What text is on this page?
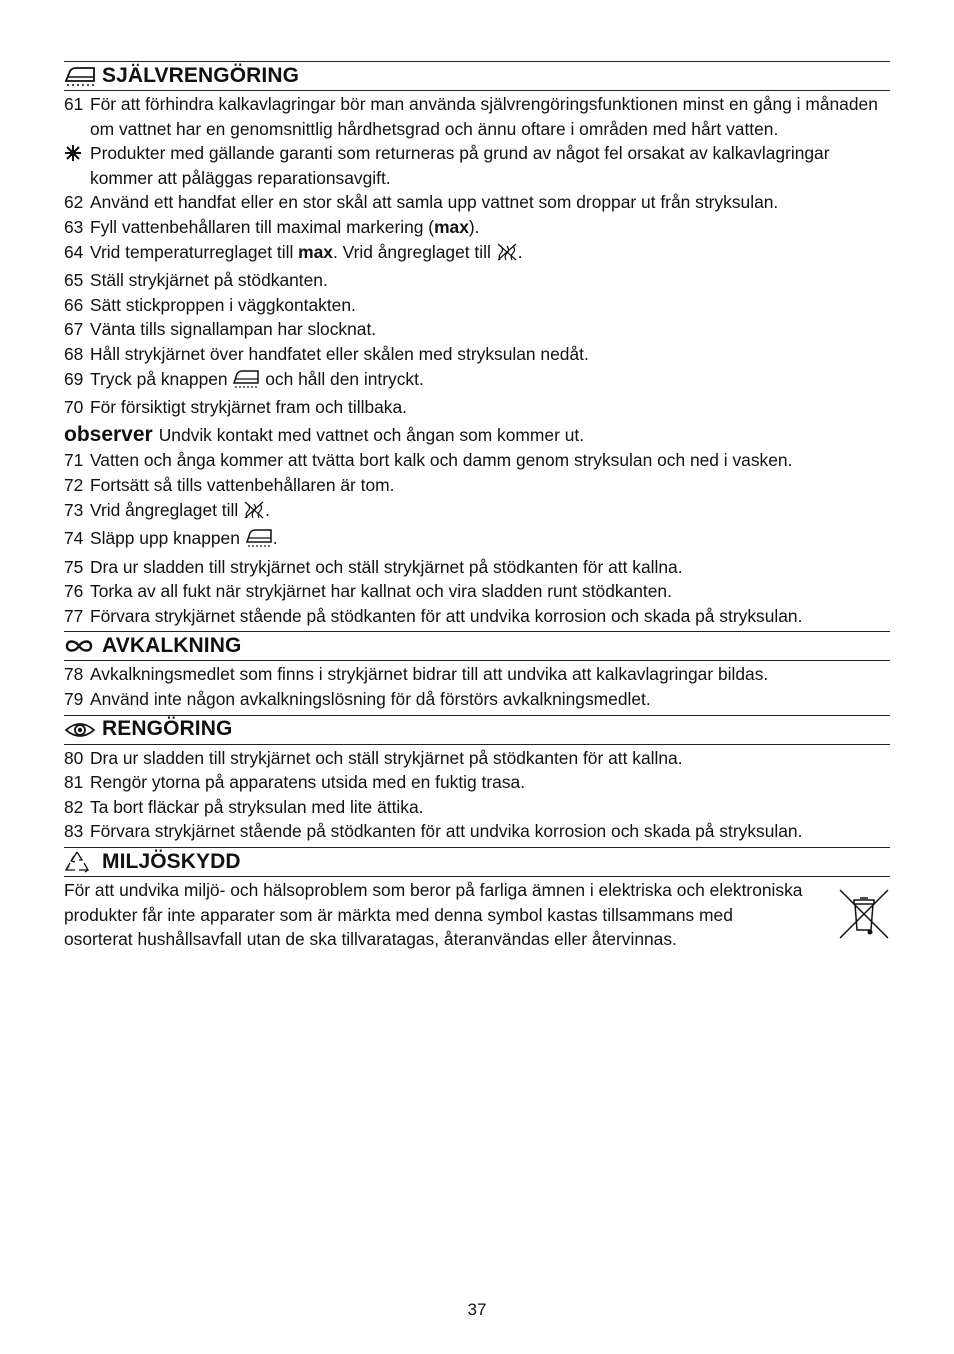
SJÄLVRENGÖRING
61 För att förhindra kalkavlagringar bör man använda självrengöringsfunktionen minst en gång i månaden om vattnet har en genomsnittlig hårdhetsgrad och ännu oftare i områden med hårt vatten.
Produkter med gällande garanti som returneras på grund av något fel orsakat av kalkavlagringar kommer att påläggas reparationsavgift.
62 Använd ett handfat eller en stor skål att samla upp vattnet som droppar ut från stryksulan.
63 Fyll vattenbehållaren till maximal markering (max).
64 Vrid temperaturreglaget till max. Vrid ångreglaget till .
65 Ställ strykjärnet på stödkanten.
66 Sätt stickproppen i väggkontakten.
67 Vänta tills signallampan har slocknat.
68 Håll strykjärnet över handfatet eller skålen med stryksulan nedåt.
69 Tryck på knappen  och håll den intryckt.
70 För försiktigt strykjärnet fram och tillbaka.
observer Undvik kontakt med vattnet och ångan som kommer ut.
71 Vatten och ånga kommer att tvätta bort kalk och damm genom stryksulan och ned i vasken.
72 Fortsätt så tills vattenbehållaren är tom.
73 Vrid ångreglaget till .
74 Släpp upp knappen .
75 Dra ur sladden till strykjärnet och ställ strykjärnet på stödkanten för att kallna.
76 Torka av all fukt när strykjärnet har kallnat och vira sladden runt stödkanten.
77 Förvara strykjärnet stående på stödkanten för att undvika korrosion och skada på stryksulan.
AVKALKNING
78 Avkalkningsmedlet som finns i strykjärnet bidrar till att undvika att kalkavlagringar bildas.
79 Använd inte någon avkalkningslösning för då förstörs avkalkningsmedlet.
RENGÖRING
80 Dra ur sladden till strykjärnet och ställ strykjärnet på stödkanten för att kallna.
81 Rengör ytorna på apparatens utsida med en fuktig trasa.
82 Ta bort fläckar på stryksulan med lite ättika.
83 Förvara strykjärnet stående på stödkanten för att undvika korrosion och skada på stryksulan.
MILJÖSKYDD
För att undvika miljö- och hälsoproblem som beror på farliga ämnen i elektriska och elektroniska produkter får inte apparater som är märkta med denna symbol kastas tillsammans med osorterat hushållsavfall utan de ska tillvaratagas, återanvändas eller återvinnas.
37
